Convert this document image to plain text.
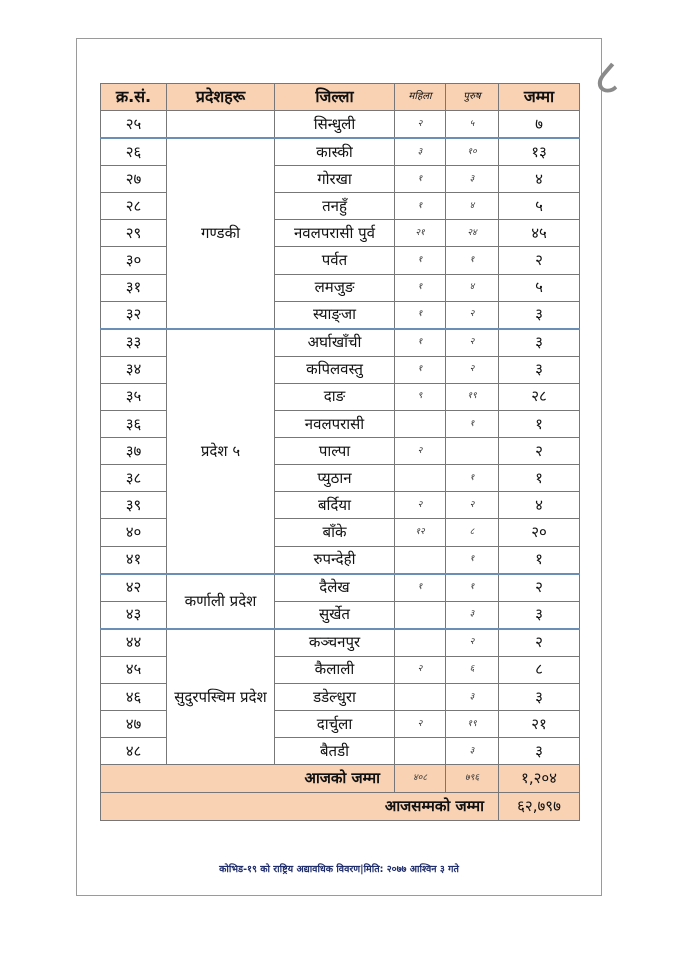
८
क्र.सं.	प्रदेशहरू	जिल्ला	महिला	पुरुष	जम्मा
२५		सिन्धुली	२	५	७
२६	गण्डकी	कास्की	३	१०	१३
२७		गोरखा	१	३	४
२८		तनहुँ	१	४	५
२९		नवलपरासी पुर्व	२१	२४	४५
३०		पर्वत	१	१	२
३१		लमजुङ	१	४	५
३२		स्याङ्जा	१	२	३
३३	प्रदेश ५	अर्घाखाँची	१	२	३
३४		कपिलवस्तु	१	२	३
३५		दाङ	९	१९	२८
३६		नवलपरासी		१	१
३७		पाल्पा	२		२
३८		प्युठान		१	१
३९		बर्दिया	२	२	४
४०		बाँके	१२	८	२०
४१		रुपन्देही		१	१
४२	कर्णाली प्रदेश	दैलेख	१	१	२
४३		सुर्खेत		३	३
४४	सुदुरपस्चिम प्रदेश	कञ्चनपुर		२	२
४५		कैलाली	२	६	८
४६		डडेल्धुरा		३	३
४७		दार्चुला	२	१९	२१
४८		बैतडी		३	३
आजको जम्मा			४०८	७९६	१,२०४
आजसम्मको जम्मा					६२,७९७
कोभिड-१९ को राष्ट्रिय अद्यावधिक विवरण|मिति: २०७७ आश्विन ३ गते
